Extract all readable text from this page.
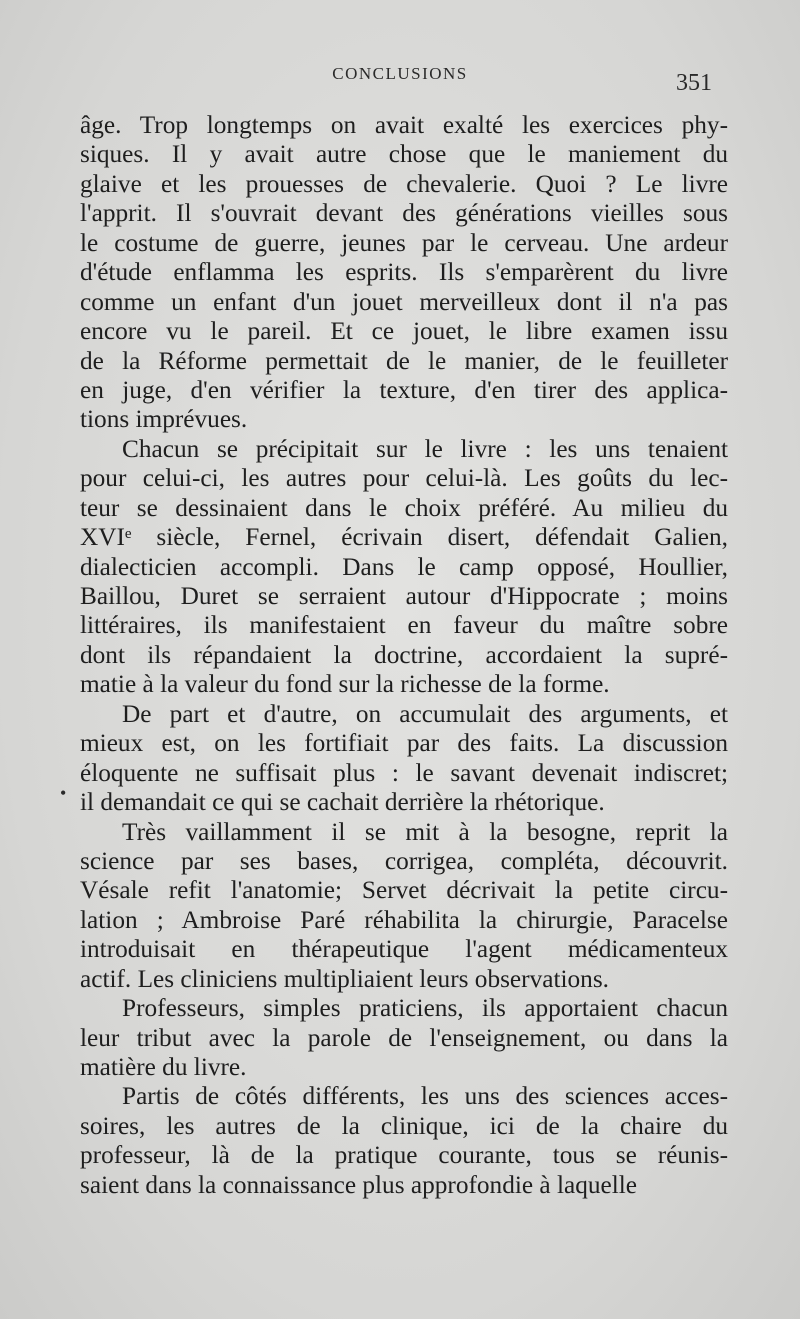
CONCLUSIONS	351
•
âge. Trop longtemps on avait exalté les exercices phy-
siques. Il y avait autre chose que le maniement du
glaive et les prouesses de chevalerie. Quoi ? Le livre
l'apprit. Il s'ouvrait devant des générations vieilles sous
le costume de guerre, jeunes par le cerveau. Une ardeur
d'étude enflamma les esprits. Ils s'emparèrent du livre
comme un enfant d'un jouet merveilleux dont il n'a pas
encore vu le pareil. Et ce jouet, le libre examen issu
de la Réforme permettait de le manier, de le feuilleter
en juge, d'en vérifier la texture, d'en tirer des applica-
tions imprévues.
Chacun se précipitait sur le livre : les uns tenaient
pour celui-ci, les autres pour celui-là. Les goûts du lec-
teur se dessinaient dans le choix préféré. Au milieu du
XVIᵉ siècle, Fernel, écrivain disert, défendait Galien,
dialecticien accompli. Dans le camp opposé, Houllier,
Baillou, Duret se serraient autour d'Hippocrate ; moins
littéraires, ils manifestaient en faveur du maître sobre
dont ils répandaient la doctrine, accordaient la supré-
matie à la valeur du fond sur la richesse de la forme.
De part et d'autre, on accumulait des arguments, et
mieux est, on les fortifiait par des faits. La discussion
éloquente ne suffisait plus : le savant devenait indiscret;
il demandait ce qui se cachait derrière la rhétorique.
Très vaillamment il se mit à la besogne, reprit la
science par ses bases, corrigea, compléta, découvrit.
Vésale refit l'anatomie; Servet décrivait la petite circu-
lation ; Ambroise Paré réhabilita la chirurgie, Paracelse
introduisait en thérapeutique l'agent médicamenteux
actif. Les cliniciens multipliaient leurs observations.
Professeurs, simples praticiens, ils apportaient chacun
leur tribut avec la parole de l'enseignement, ou dans la
matière du livre.
Partis de côtés différents, les uns des sciences acces-
soires, les autres de la clinique, ici de la chaire du
professeur, là de la pratique courante, tous se réunis-
saient dans la connaissance plus approfondie à laquelle
